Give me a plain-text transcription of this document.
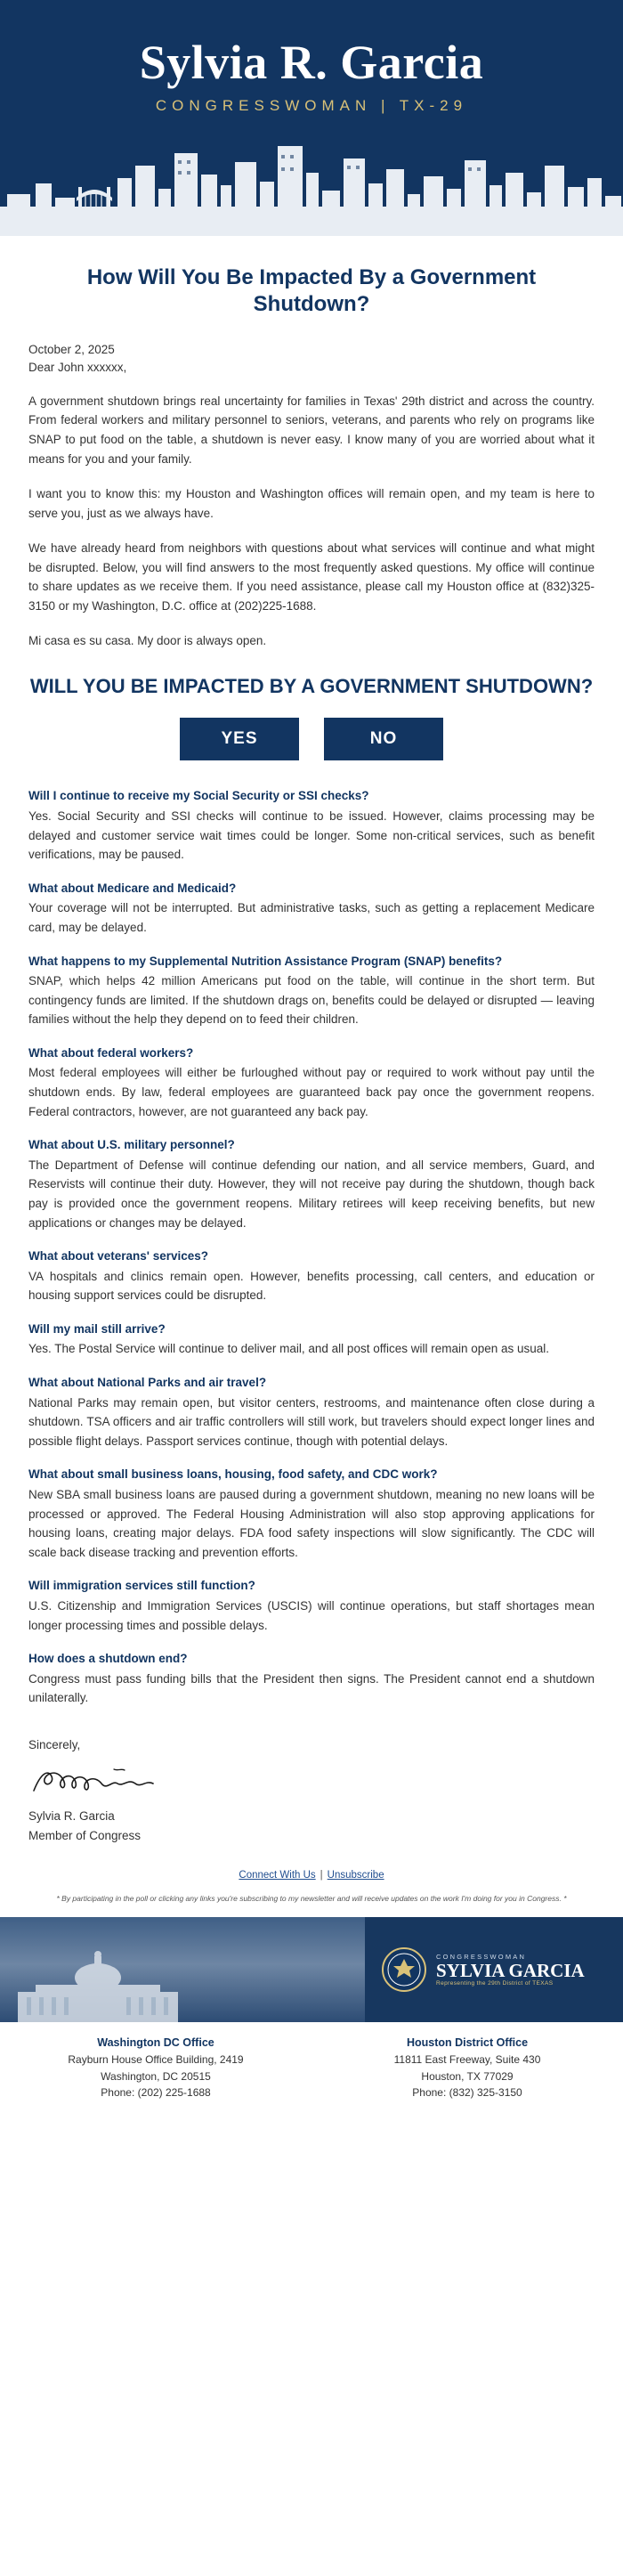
Sylvia R. Garcia
CONGRESSWOMAN | TX-29
How Will You Be Impacted By a Government Shutdown?
October 2, 2025
Dear John xxxxxx,

A government shutdown brings real uncertainty for families in Texas' 29th district and across the country. From federal workers and military personnel to seniors, veterans, and parents who rely on programs like SNAP to put food on the table, a shutdown is never easy. I know many of you are worried about what it means for you and your family.

I want you to know this: my Houston and Washington offices will remain open, and my team is here to serve you, just as we always have.

We have already heard from neighbors with questions about what services will continue and what might be disrupted. Below, you will find answers to the most frequently asked questions. My office will continue to share updates as we receive them. If you need assistance, please call my Houston office at (832)325-3150 or my Washington, D.C. office at (202)225-1688.

Mi casa es su casa. My door is always open.

WILL YOU BE IMPACTED BY A GOVERNMENT SHUTDOWN?
YES	NO
Will I continue to receive my Social Security or SSI checks?
Yes. Social Security and SSI checks will continue to be issued. However, claims processing may be delayed and customer service wait times could be longer. Some non-critical services, such as benefit verifications, may be paused.
What about Medicare and Medicaid?
Your coverage will not be interrupted. But administrative tasks, such as getting a replacement Medicare card, may be delayed.
What happens to my Supplemental Nutrition Assistance Program (SNAP) benefits?
SNAP, which helps 42 million Americans put food on the table, will continue in the short term. But contingency funds are limited. If the shutdown drags on, benefits could be delayed or disrupted — leaving families without the help they depend on to feed their children.
What about federal workers?
Most federal employees will either be furloughed without pay or required to work without pay until the shutdown ends. By law, federal employees are guaranteed back pay once the government reopens. Federal contractors, however, are not guaranteed any back pay.
What about U.S. military personnel?
The Department of Defense will continue defending our nation, and all service members, Guard, and Reservists will continue their duty. However, they will not receive pay during the shutdown, though back pay is provided once the government reopens. Military retirees will keep receiving benefits, but new applications or changes may be delayed.
What about veterans' services?
VA hospitals and clinics remain open. However, benefits processing, call centers, and education or housing support services could be disrupted.
Will my mail still arrive?
Yes. The Postal Service will continue to deliver mail, and all post offices will remain open as usual.
What about National Parks and air travel?
National Parks may remain open, but visitor centers, restrooms, and maintenance often close during a shutdown. TSA officers and air traffic controllers will still work, but travelers should expect longer lines and possible flight delays. Passport services continue, though with potential delays.
What about small business loans, housing, food safety, and CDC work?
New SBA small business loans are paused during a government shutdown, meaning no new loans will be processed or approved. The Federal Housing Administration will also stop approving applications for housing loans, creating major delays. FDA food safety inspections will slow significantly. The CDC will scale back disease tracking and prevention efforts.
Will immigration services still function?
U.S. Citizenship and Immigration Services (USCIS) will continue operations, but staff shortages mean longer processing times and possible delays.
How does a shutdown end?
Congress must pass funding bills that the President then signs. The President cannot end a shutdown unilaterally.
Sincerely,
Sylvia R. Garcia
Member of Congress
Connect With Us | Unsubscribe
* By participating in the poll or clicking any links you're subscribing to my newsletter and will receive updates on the work I'm doing for you in Congress. *
CONGRESSWOMAN
SYLVIA GARCIA
Representing the 29th District of TEXAS
Washington DC Office
Rayburn House Office Building, 2419
Washington, DC 20515
Phone: (202) 225-1688
Houston District Office
11811 East Freeway, Suite 430
Houston, TX 77029
Phone: (832) 325-3150
